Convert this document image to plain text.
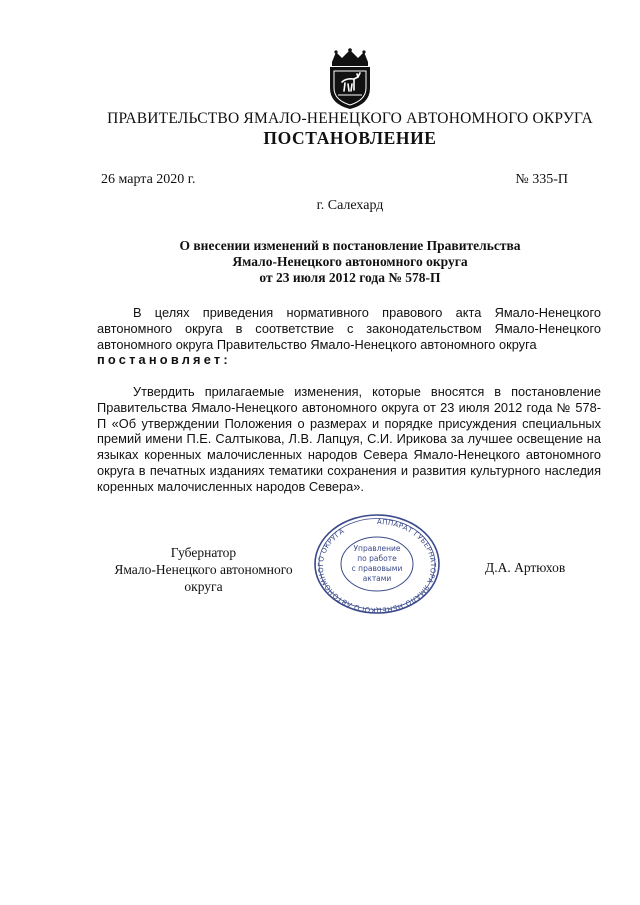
ПРАВИТЕЛЬСТВО ЯМАЛО-НЕНЕЦКОГО АВТОНОМНОГО ОКРУГА
ПОСТАНОВЛЕНИЕ
26 марта 2020 г.	№ 335-П
г. Салехард
О внесении изменений в постановление Правительства
Ямало-Ненецкого автономного округа
от 23 июля 2012 года № 578-П
В целях приведения нормативного правового акта Ямало-Ненецкого автономного округа в соответствие с законодательством Ямало-Ненецкого автономного округа Правительство Ямало-Ненецкого автономного округа
постановляет:
Утвердить прилагаемые изменения, которые вносятся в постановление Правительства Ямало-Ненецкого автономного округа от 23 июля 2012 года № 578-П «Об утверждении Положения о размерах и порядке присуждения специальных премий имени П.Е. Салтыкова, Л.В. Лапцуя, С.И. Ирикова за лучшее освещение на языках коренных малочисленных народов Севера Ямало-Ненецкого автономного округа в печатных изданиях тематики сохранения и развития культурного наследия коренных малочисленных народов Севера».
Губернатор
Ямало-Ненецкого автономного округа
Д.А. Артюхов
АППАРАТ ГУБЕРНАТОРА ЯМАЛО-НЕНЕЦКОГО АВТОНОМНОГО ОКРУГА
Управление
по работе
с правовыми
актами
